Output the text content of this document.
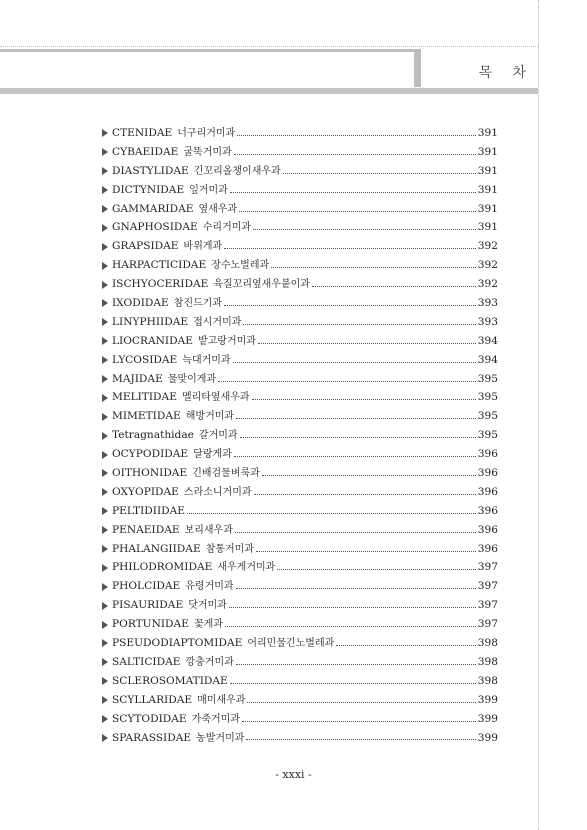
목 차
CTENIDAE 너구리거미과	391
CYBAEIDAE 굴뚝거미과	391
DIASTYLIDAE 긴꼬리올챙이새우과	391
DICTYNIDAE 잎거미과	391
GAMMARIDAE 옆새우과	391
GNAPHOSIDAE 수리거미과	391
GRAPSIDAE 바위게과	392
HARPACTICIDAE 장수노벌레과	392
ISCHYOCERIDAE 육질꼬리옆새우붙이과	392
IXODIDAE 참진드기과	393
LINYPHIIDAE 접시거미과	393
LIOCRANIDAE 밭고랑거미과	394
LYCOSIDAE 늑대거미과	394
MAJIDAE 물맞이게과	395
MELITIDAE 멜리타옆새우과	395
MIMETIDAE 해방거미과	395
Tetragnathidae 갈거미과	395
OCYPODIDAE 달랑게과	396
OITHONIDAE 긴배검물벼룩과	396
OXYOPIDAE 스라소니거미과	396
PELTIDIIDAE	396
PENAEIDAE 보리새우과	396
PHALANGIIDAE 참통거미과	396
PHILODROMIDAE 새우게거미과	397
PHOLCIDAE 유령거미과	397
PISAURIDAE 닷거미과	397
PORTUNIDAE 꽃게과	397
PSEUDODIAPTOMIDAE 어리민물긴노벌레과	398
SALTICIDAE 깡충거미과	398
SCLEROSOMATIDAE	398
SCYLLARIDAE 매미새우과	399
SCYTODIDAE 가죽거미과	399
SPARASSIDAE 농발거미과	399
- xxxi -
